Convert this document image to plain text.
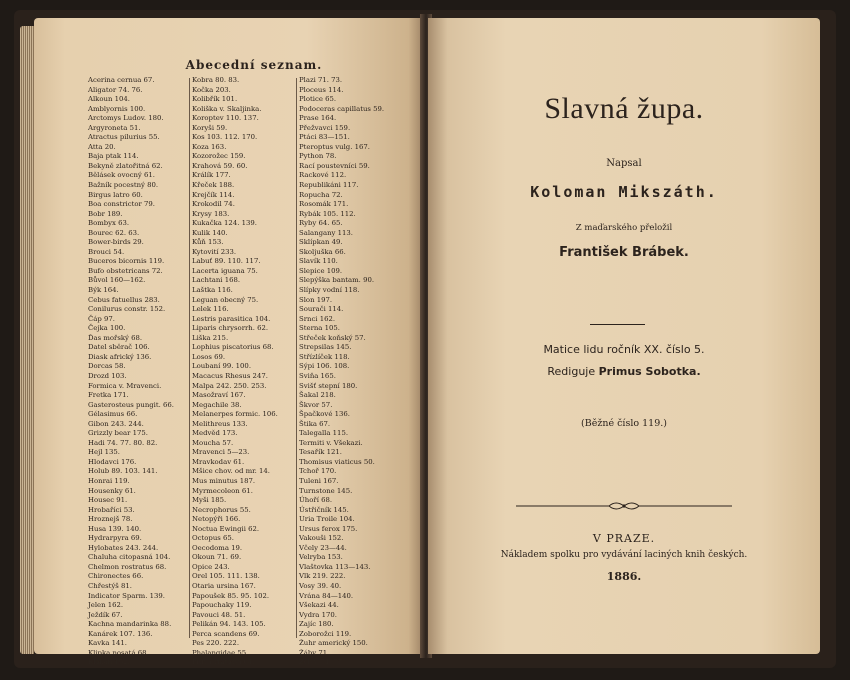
Abecední seznam.
Acerina cernua 67.
Aligator 74. 76.
Alkoun 104.
Amblyornis 100.
Arctomys Ludov. 180.
Argyroneta 51.
Atractus pilurius 55.
Atta 20.
Baja ptak 114.
Bekyně zlatořitná 62.
Bělásek ovocný 61.
Bažník pocestný 80.
Birgus latro 60.
Boa constrictor 79.
Bobr 189.
Bombyx 63.
Bourec 62. 63.
Bower-birds 29.
Brouci 54.
Buceros bicornis 119.
Bufo obstetricans 72.
Bůvol 160—162.
Býk 164.
Cebus fatuellus 283.
Conilurus constr. 152.
Čáp 97.
Čejka 100.
Ďas mořský 68.
Datel sběrač 106.
Diask africký 136.
Dorcas 58.
Drozd 103.
Formica v. Mravenci.
Fretka 171.
Gasterosteus pungit. 66.
Gélasimus 66.
Gibon 243. 244.
Grizzly bear 175.
Hadi 74. 77. 80. 82.
Hejl 135.
Hlodavci 176.
Holub 89. 103. 141.
Honrai 119.
Housenky 61.
Housec 91.
Hrobaříci 53.
Hroznejš 78.
Husa 139. 140.
Hydrarpyra 69.
Hylobates 243. 244.
Chaluha citopasná 104.
Chelmon rostratus 68.
Chironectes 66.
Chřestýš 81.
Indicator Sparm. 139.
Jelen 162.
Ježdík 67.
Kachna mandarinka 88.
Kanárek 107. 136.
Kavka 141.
Klipka nosatá 68.
Klokan 152.
Kobra 80. 83.
Kočka 203.
Kolibřík 101.
Koliška v. Skaljinka.
Koroptev 110. 137.
Koryši 59.
Kos 103. 112. 170.
Koza 163.
Kozorožec 159.
Krahová 59. 60.
Králík 177.
Křeček 188.
Krejčík 114.
Krokodil 74.
Krysy 183.
Kukačka 124. 139.
Kulik 140.
Kůň 153.
Kytovití 233.
Labuť 89. 110. 117.
Lacerta iguana 75.
Lachtani 168.
Laštka 116.
Leguan obecný 75.
Lelek 116.
Lestris parasitica 104.
Liparis chrysorrh. 62.
Liška 215.
Lophius piscatorius 68.
Losos 69.
Loubaní 99. 100.
Macacus Rhesus 247.
Malpa 242. 250. 253.
Masožraví 167.
Megachile 38.
Melanerpes formic. 106.
Melithreus 133.
Medvěd 173.
Moucha 57.
Mravenci 5—23.
Mravkodav 61.
Mšice chov. od mr. 14.
Mus minutus 187.
Myrmecoleon 61.
Myši 185.
Necrophorus 55.
Netopýři 166.
Noctua Ewingii 62.
Octopus 65.
Oecodoma 19.
Okoun 71. 69.
Opice 243.
Orel 105. 111. 138.
Otaria ursina 167.
Papoušek 85. 95. 102.
Papouchaky 119.
Pavouci 48. 51.
Pelikán 94. 143. 105.
Perca scandens 69.
Pes 220. 222.
Phalangidae 55.
Pitria cratosyi 64.
Plazi 71. 73.
Ploceus 114.
Plotice 65.
Podoceras capillatus 59.
Prase 164.
Přežvavci 159.
Ptáci 83—151.
Pteroptus vulg. 167.
Python 78.
Rací poustevníci 59.
Rackové 112.
Republikáni 117.
Ropucha 72.
Rosomák 171.
Rybák 105. 112.
Ryby 64. 65.
Salangany 113.
Sklípkan 49.
Skoljuška 66.
Slavík 110.
Slepice 109.
Slepýška bantam. 90.
Slípky vodní 118.
Slon 197.
Sourači 114.
Srnci 162.
Sterna 105.
Střeček koňský 57.
Strepsilas 145.
Střízlíček 118.
Sýpi 106. 108.
Sviňa 165.
Svišť stepní 180.
Šakal 218.
Škvor 57.
Špačkové 136.
Štika 67.
Talegalla 115.
Termiti v. Všekazi.
Tesařík 121.
Thomisus viaticus 50.
Tchoř 170.
Tuleni 167.
Turnstone 145.
Úhoří 68.
Ústřičník 145.
Uria Troile 104.
Ursus ferox 175.
Vakouši 152.
Včely 23—44.
Velryba 153.
Vlaštovka 113—143.
Vlk 219. 222.
Vosy 39. 40.
Vrána 84—140.
Všekazi 44.
Vydra 170.
Zajíc 180.
Zoborožci 119.
Žuhr americký 150.
Žáby 71.
Želvy 74. 77.
Slavná župa.
Napsal
Koloman Mikszáth.
Z maďarského přeložil
František Brábek.
Matice lidu ročník XX. číslo 5.
Rediguje Primus Sobotka.
(Běžné číslo 119.)
V PRAZE.
Nákladem spolku pro vydávání laciných knih českých.
1886.
